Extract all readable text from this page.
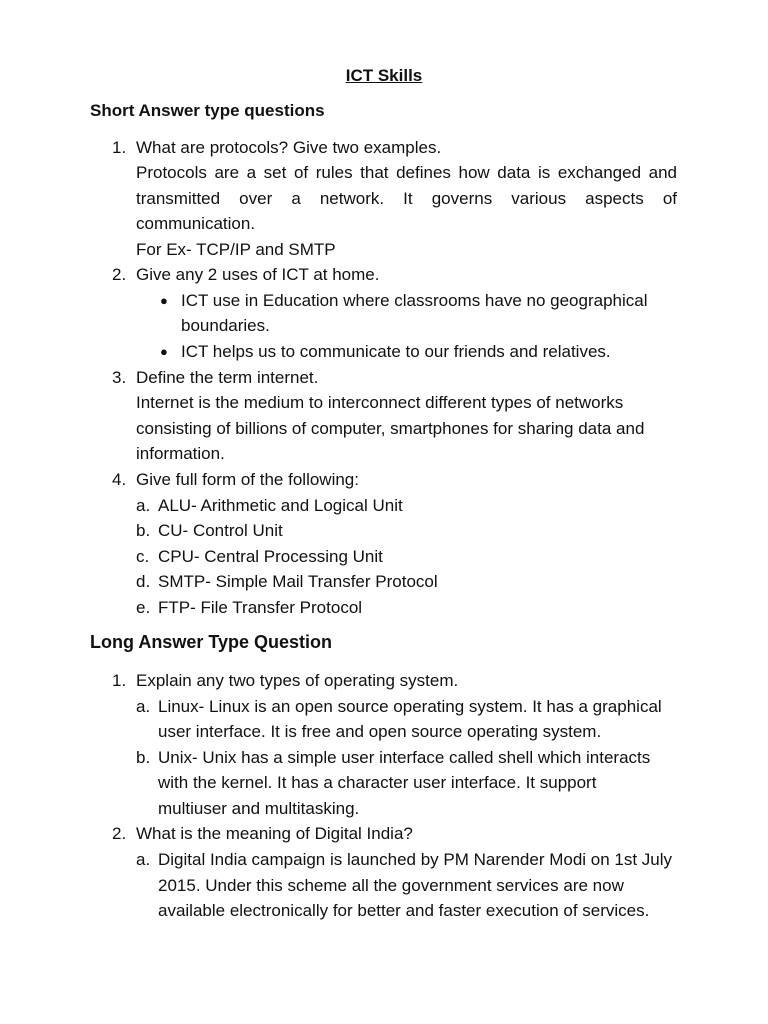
ICT Skills
Short Answer type questions
1. What are protocols? Give two examples.
Protocols are a set of rules that defines how data is exchanged and
transmitted over a network. It governs various aspects of
communication.
For Ex- TCP/IP and SMTP
2. Give any 2 uses of ICT at home.
● ICT use in Education where classrooms have no geographical
boundaries.
● ICT helps us to communicate to our friends and relatives.
3. Define the term internet.
Internet is the medium to interconnect different types of networks
consisting of billions of computer, smartphones for sharing data and
information.
4. Give full form of the following:
a. ALU- Arithmetic and Logical Unit
b. CU- Control Unit
c. CPU- Central Processing Unit
d. SMTP- Simple Mail Transfer Protocol
e. FTP- File Transfer Protocol
Long Answer Type Question
1. Explain any two types of operating system.
a. Linux- Linux is an open source operating system. It has a graphical
user interface. It is free and open source operating system.
b. Unix- Unix has a simple user interface called shell which interacts
with the kernel. It has a character user interface. It support
multiuser and multitasking.
2. What is the meaning of Digital India?
a. Digital India campaign is launched by PM Narender Modi on 1st July
2015. Under this scheme all the government services are now
available electronically for better and faster execution of services.
